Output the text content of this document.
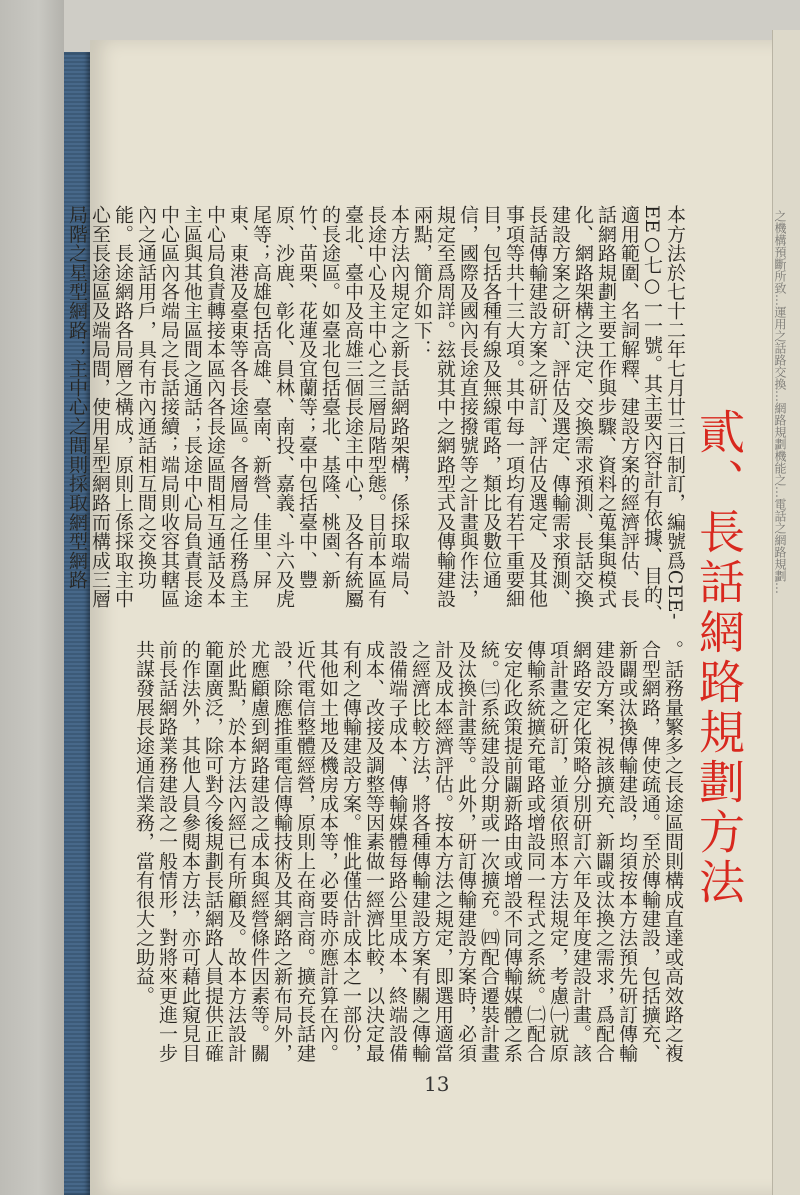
之機構預斷所致…運用之話路交換…網路規劃機能之…電話之網路規劃…
貳、長話網路規劃方法

本方法於七十二年七月廿三日制訂，編號爲CEE-EE○七○一一號。其主要內容計有依據、目的、適用範圍、名詞解釋、建設方案的經濟評估、長話網路規劃主要工作與步驟、資料之蒐集與模式化、網路架構之決定、交換需求預測、長話交換建設方案之研訂、評估及選定、傳輸需求預測、長話傳輸建設方案之研訂、評估及選定、及其他事項等共十三大項。其中每一項均有若干重要細目，包括各種有線及無線電路，類比及數位通信，國際及國內長途直接撥號等之計畫與作法，規定至爲周詳。玆就其中之網路型式及傳輸建設兩點，簡介如下：

本方法內規定之新長話網路架構，係採取端局、長途中心及主中心之三層局階型態。目前本區有臺北、臺中及高雄三個長途主中心，及各有統屬的長途區。如臺北包括臺北、基隆、桃園、新竹、苗栗、花蓮及宜蘭等；臺中包括臺中、豐原、沙鹿、彰化、員林、南投、嘉義、斗六及虎尾等；高雄包括高雄、臺南、新營、佳里、屏東、東港及臺東等各長途區。各層局之任務爲主中心局負責轉接本區內各長途區間相互通話及本主區與其他主區間之通話；長途中心局負責長途中心區內各端局之長話接續；端局則收容其轄區內之通話用戶，具有市內通話相互間之交換功能。長途網路各局層之構成，原則上係採取主中心至長途區及端局間，使用星型網路而構成三層局階之星型網路；主中心之間則採取網型網路

。話務量繁多之長途區間則構成直達或高效路之複合型網路，俾使疏通。至於傳輸建設，包括擴充、新闢或汰換傳輸建設，均須按本方法預先研訂傳輸建設方案，視該擴充、新闢或汰換之需求，爲配合網路安定化策略分別研訂六年及年度建設計畫。該項計畫之研訂，並須依照本方法規定，考慮㈠就原傳輸系統擴充電路或增設同一程式之系統。㈡配合安定化政策提前闢新路由或增設不同傳輸媒體之系統。㈢系統建設分期或一次擴充。㈣配合遷裝計畫及汰換計畫等。此外，研訂傳輸建設方案時，必須計及成本經濟評估。按本方法之規定，即選用適當之經濟比較方法，將各種傳輸建設方案有關之傳輸設備端子成本、傳輸媒體每路公里成本、終端設備成本、改接及調整等因素做一經濟比較，以決定最有利之傳輸建設方案。惟此僅估計成本之一部份，其他如土地及機房成本等，必要時亦應計算在內。

近代電信整體經營，原則上在商言商。擴充長話建設，除應推重電信傳輸技術及其網路之新布局外，尤應顧慮到網路建設之成本與經營條件因素等。關於此點，於本方法內經已有所顧及。故本方法設計範圍廣泛，除可對今後規劃長話網路人員提供正確的作法外，其他人員參閱本方法，亦可藉此窺見目前長話網路業務建設之一般情形，對將來更進一步共謀發展長途通信業務，當有很大之助益。

13
